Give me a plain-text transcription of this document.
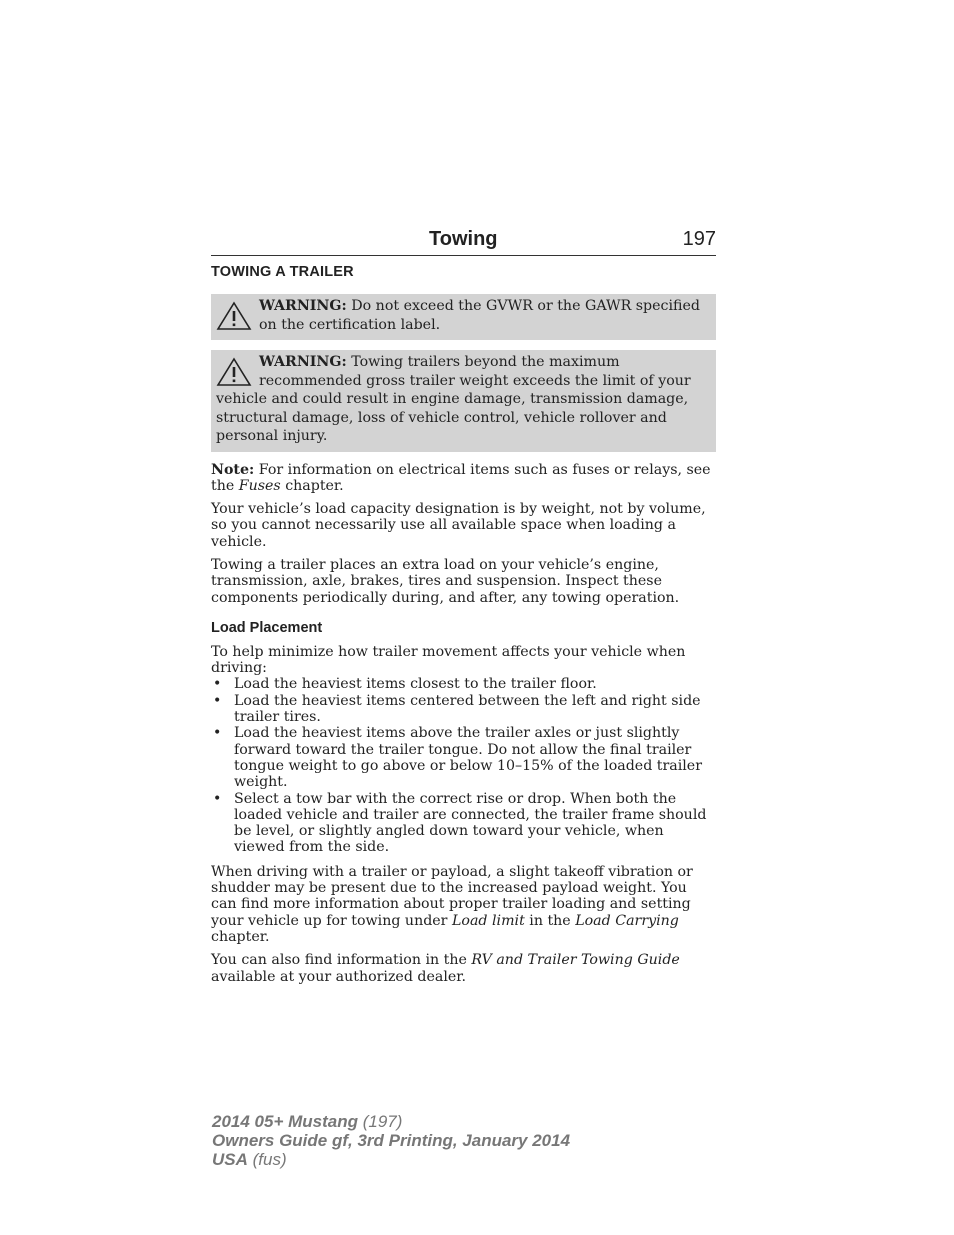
Towing	197
TOWING A TRAILER
WARNING: Do not exceed the GVWR or the GAWR specified on the certification label.
WARNING: Towing trailers beyond the maximum recommended gross trailer weight exceeds the limit of your vehicle and could result in engine damage, transmission damage, structural damage, loss of vehicle control, vehicle rollover and personal injury.

Note: For information on electrical items such as fuses or relays, see the Fuses chapter.

Your vehicle’s load capacity designation is by weight, not by volume, so you cannot necessarily use all available space when loading a vehicle.

Towing a trailer places an extra load on your vehicle’s engine, transmission, axle, brakes, tires and suspension. Inspect these components periodically during, and after, any towing operation.

Load Placement

To help minimize how trailer movement affects your vehicle when driving:

• Load the heaviest items closest to the trailer floor.
• Load the heaviest items centered between the left and right side trailer tires.
• Load the heaviest items above the trailer axles or just slightly forward toward the trailer tongue. Do not allow the final trailer tongue weight to go above or below 10–15% of the loaded trailer weight.
• Select a tow bar with the correct rise or drop. When both the loaded vehicle and trailer are connected, the trailer frame should be level, or slightly angled down toward your vehicle, when viewed from the side.

When driving with a trailer or payload, a slight takeoff vibration or shudder may be present due to the increased payload weight. You can find more information about proper trailer loading and setting your vehicle up for towing under Load limit in the Load Carrying chapter.

You can also find information in the RV and Trailer Towing Guide available at your authorized dealer.

2014 05+ Mustang (197)
Owners Guide gf, 3rd Printing, January 2014
USA (fus)
